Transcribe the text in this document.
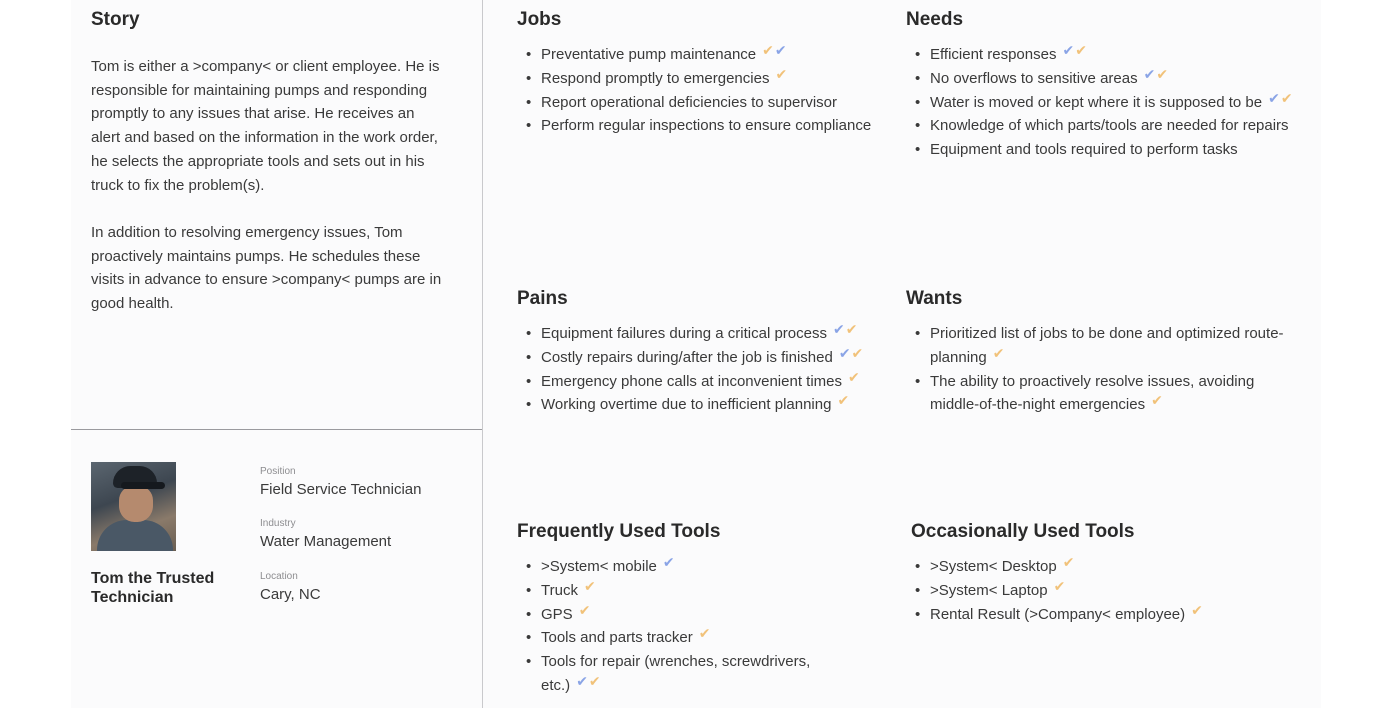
Story

Tom is either a >company< or client employee. He is responsible for maintaining pumps and responding promptly to any issues that arise. He receives an alert and based on the information in the work order, he selects the appropriate tools and sets out in his truck to fix the problem(s).

In addition to resolving emergency issues, Tom proactively maintains pumps. He schedules these visits in advance to ensure >company< pumps are in good health.

Tom the Trusted Technician
Position
Field Service Technician
Industry
Water Management
Location
Cary, NC
Jobs
• Preventative pump maintenance ✔✔
• Respond promptly to emergencies ✔
• Report operational deficiencies to supervisor
• Perform regular inspections to ensure compliance
Needs
• Efficient responses ✔✔
• No overflows to sensitive areas ✔✔
• Water is moved or kept where it is supposed to be ✔✔
• Knowledge of which parts/tools are needed for repairs
• Equipment and tools required to perform tasks
Pains
• Equipment failures during a critical process ✔✔
• Costly repairs during/after the job is finished ✔✔
• Emergency phone calls at inconvenient times ✔
• Working overtime due to inefficient planning ✔
Wants
• Prioritized list of jobs to be done and optimized route-planning ✔
• The ability to proactively resolve issues, avoiding middle-of-the-night emergencies ✔
Frequently Used Tools
• >System< mobile ✔
• Truck ✔
• GPS ✔
• Tools and parts tracker ✔
• Tools for repair (wrenches, screwdrivers, etc.) ✔✔
Occasionally Used Tools
• >System< Desktop ✔
• >System< Laptop ✔
• Rental Result (>Company< employee) ✔
